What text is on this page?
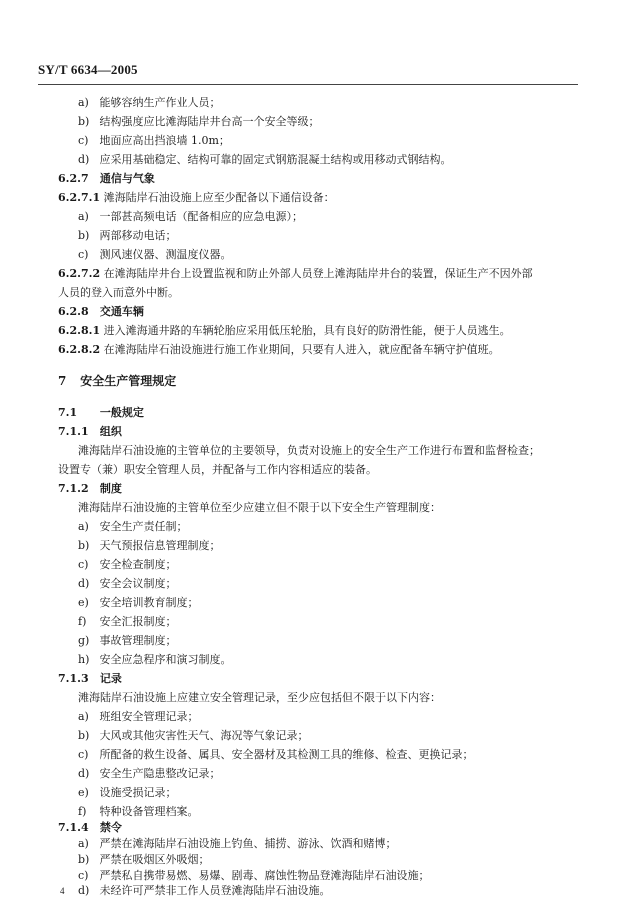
SY/T 6634—2005
a) 能够容纳生产作业人员；
b) 结构强度应比滩海陆岸井台高一个安全等级；
c) 地面应高出挡浪墙 1.0m；
d) 应采用基础稳定、结构可靠的固定式钢筋混凝土结构或用移动式钢结构。
6.2.7 通信与气象
6.2.7.1 滩海陆岸石油设施上应至少配备以下通信设备：
a) 一部甚高频电话（配备相应的应急电源）；
b) 两部移动电话；
c) 测风速仪器、测温度仪器。
6.2.7.2 在滩海陆岸井台上设置监视和防止外部人员登上滩海陆岸井台的装置，保证生产不因外部
人员的登入而意外中断。
6.2.8 交通车辆
6.2.8.1 进入滩海通井路的车辆轮胎应采用低压轮胎，具有良好的防滑性能，便于人员逃生。
6.2.8.2 在滩海陆岸石油设施进行施工作业期间，只要有人进入，就应配备车辆守护值班。
7 安全生产管理规定
7.1 一般规定
7.1.1 组织
滩海陆岸石油设施的主管单位的主要领导，负责对设施上的安全生产工作进行布置和监督检查；
设置专（兼）职安全管理人员，并配备与工作内容相适应的装备。
7.1.2 制度
滩海陆岸石油设施的主管单位至少应建立但不限于以下安全生产管理制度：
a) 安全生产责任制；
b) 天气预报信息管理制度；
c) 安全检查制度；
d) 安全会议制度；
e) 安全培训教育制度；
f) 安全汇报制度；
g) 事故管理制度；
h) 安全应急程序和演习制度。
7.1.3 记录
滩海陆岸石油设施上应建立安全管理记录，至少应包括但不限于以下内容：
a) 班组安全管理记录；
b) 大风或其他灾害性天气、海况等气象记录；
c) 所配备的救生设备、属具、安全器材及其检测工具的维修、检查、更换记录；
d) 安全生产隐患整改记录；
e) 设施受损记录；
f) 特种设备管理档案。
7.1.4 禁令
a) 严禁在滩海陆岸石油设施上钓鱼、捕捞、游泳、饮酒和赌博；
b) 严禁在吸烟区外吸烟；
c) 严禁私自携带易燃、易爆、剧毒、腐蚀性物品登滩海陆岸石油设施；
d) 未经许可严禁非工作人员登滩海陆岸石油设施。
4
